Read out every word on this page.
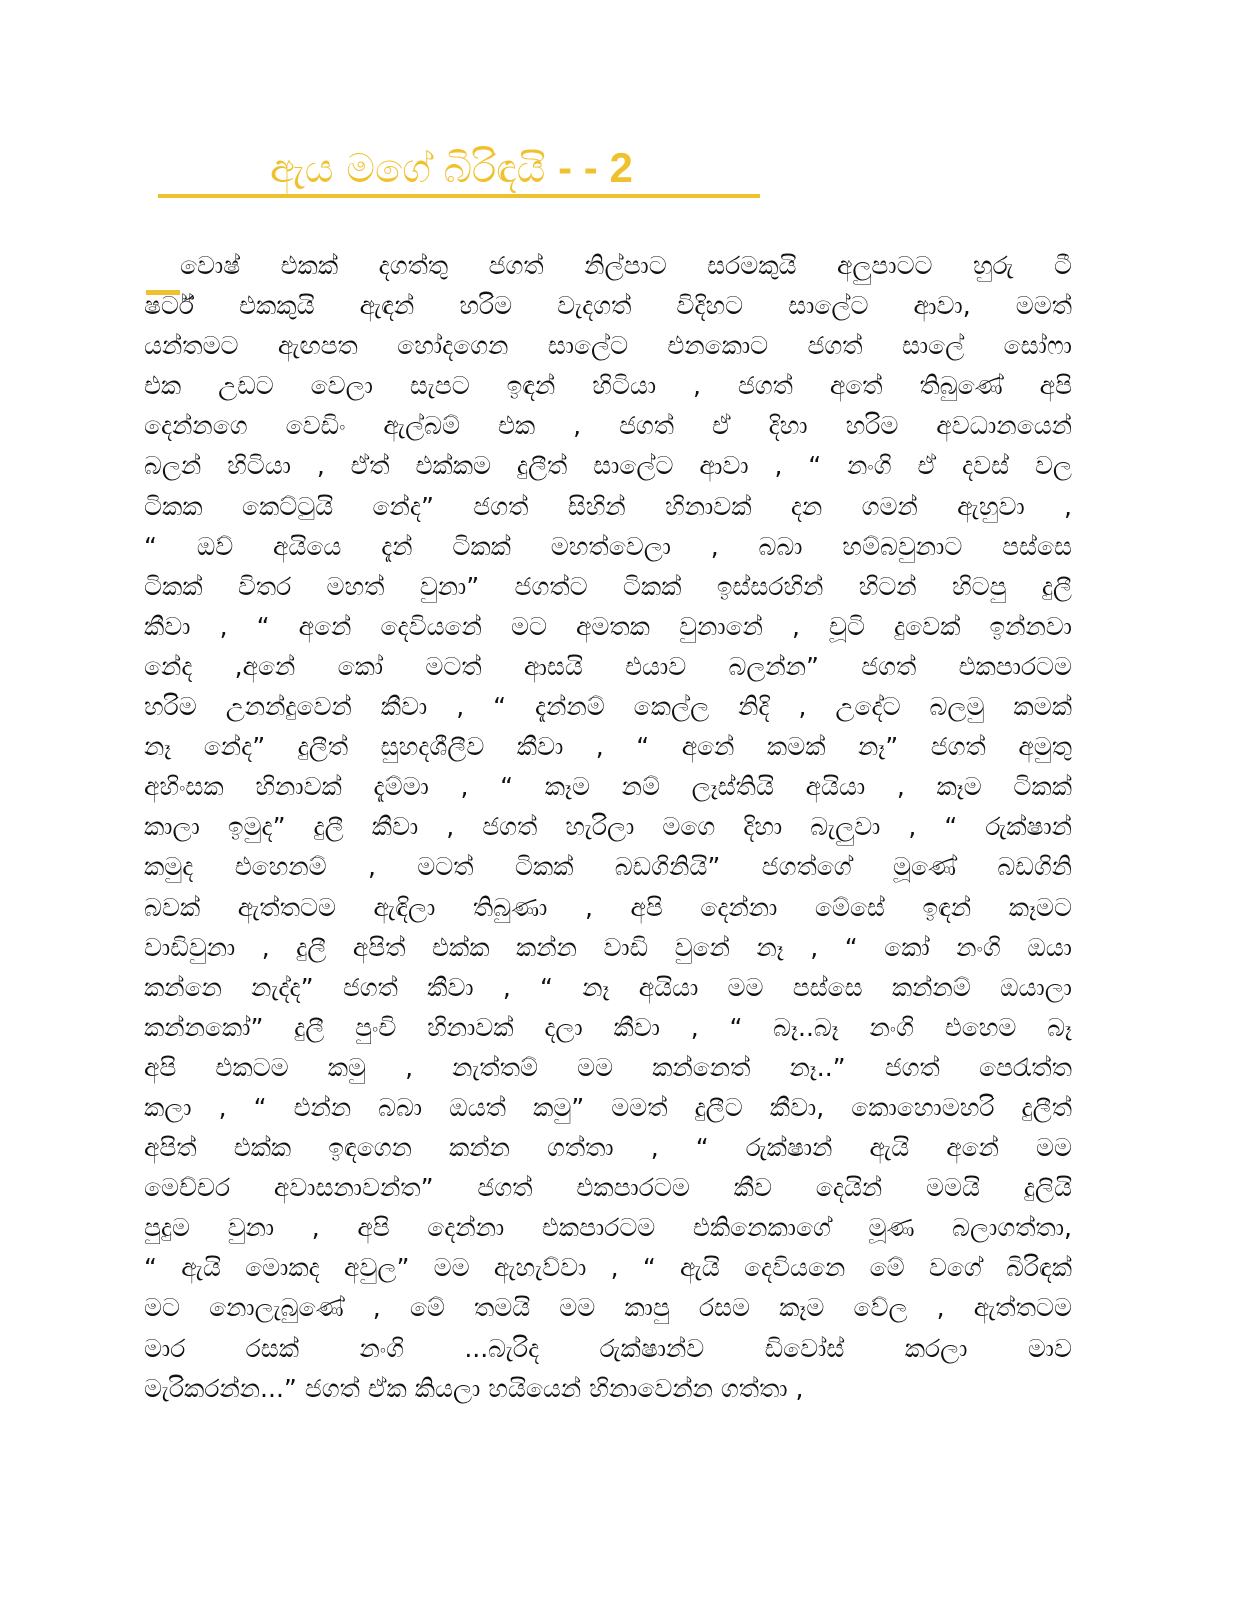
ඇය මගේ බිරිඳයි - - 2
වොෂ් එකක් දගත්තු ජගත් නිල්පාට සරමකුයි අලුපාටට හුරු ටී
ෂර්ට් එකකුයි ඇඳන් හරිම වැදගත් විදිහට සාලේට ආවා, මමත්
යන්තමට ඇඟපත හෝදගෙන සාලේට එනකොට ජගත් සාලේ සෝෆා
එක උඩට වෙලා සැපට ඉඳන් හිටියා , ජගත් අතේ තිබුණේ අපි
දෙන්නගෙ වෙඩිං ඇල්බම් එක , ජගත් ඒ දිහා හරිම අවධානයෙන්
බලන් හිටියා , ඒත් එක්කම දුලීත් සාලේට ආවා , “ නංගි ඒ දවස් වල
ටිකක කෙට්ටුයි නේද” ජගත් සිහින් හිනාවක් දන ගමන් ඇහුවා ,
“ ඔව් අයියෙ දැන් ටිකක් මහත්වෙලා , බබා හම්බවුනාට පස්සෙ
ටිකක් විතර මහත් වුනා” ජගත්ට ටිකක් ඉස්සරහින් හිටන් හිටපු දුලී
කීවා , “ අනේ දෙවියනේ මට අමතක වුනානේ , චූටි දුවෙක් ඉන්නවා
නේද ,අනේ කෝ මටත් ආසයි එයාව බලන්න” ජගත් එකපාරටම
හරිම උනන්දුවෙන් කීවා , “ දැන්නම් කෙල්ල නිදි , උදේට බලමු කමක්
නෑ නේද” දුලීත් සුහදශීලීව කීවා , “ අනේ කමක් නෑ” ජගත් අමුතු
අහිංසක හිනාවක් දැම්මා , “ කෑම නම් ලෑස්තියි අයියා , කෑම ටිකක්
කාලා ඉමුද” දුලී කීවා , ජගත් හැරිලා මගෙ දිහා බැලුවා , “ රුක්ෂාන්
කමුද එහෙනම් , මටත් ටිකක් බඩගිනියි” ජගත්ගේ මූණේ බඩගිනි
බවක් ඇත්තටම ඇඳිලා තිබුණා , අපි දෙන්නා මේසේ ඉඳන් කෑමට
වාඩිවුනා , දුලී අපිත් එක්ක කන්න වාඩි වුනේ නෑ , “ කෝ නංගි ඔයා
කන්නෙ නැද්ද” ජගත් කීවා , “ නෑ අයියා මම පස්සෙ කන්නම් ඔයාලා
කන්නකෝ” දුලී පුංචි හිනාවක් දලා කීවා , “ බෑ..බෑ නංගි එහෙම බෑ
අපි එකටම කමු , නැත්තම් මම කන්නෙත් නෑ..” ජගත් පෙරැත්ත
කලා , “ එන්න බබා ඔයත් කමු” මමත් දුලීට කීවා, කොහොමහරි දුලීත්
අපිත් එක්ක ඉඳගෙන කන්න ගත්තා , “ රුක්ෂාන් ඇයි අනේ මම
මෙච්චර අවාසනාවන්ත” ජගත් එකපාරටම කීව දෙයින් මමයි දුලියි
පුදුම වුනා , අපි දෙන්නා එකපාරටම එකිනෙකාගේ මූණ බලාගත්තා,
“ ඇයි මොකද අවුල” මම ඇහැව්වා , “ ඇයි දෙවියනෙ මේ වගේ බිරිඳක්
මට නොලැබුණේ , මේ තමයි මම කාපු රසම කෑම වේල , ඇත්තටම
මාර රසක් නංගි ...බැරිද රුක්ෂාන්ව ඩිවෝස් කරලා මාව
මැරිකරන්න...” ජගත් ඒක කියලා හයියෙන් හිනාවෙන්න ගත්තා ,
